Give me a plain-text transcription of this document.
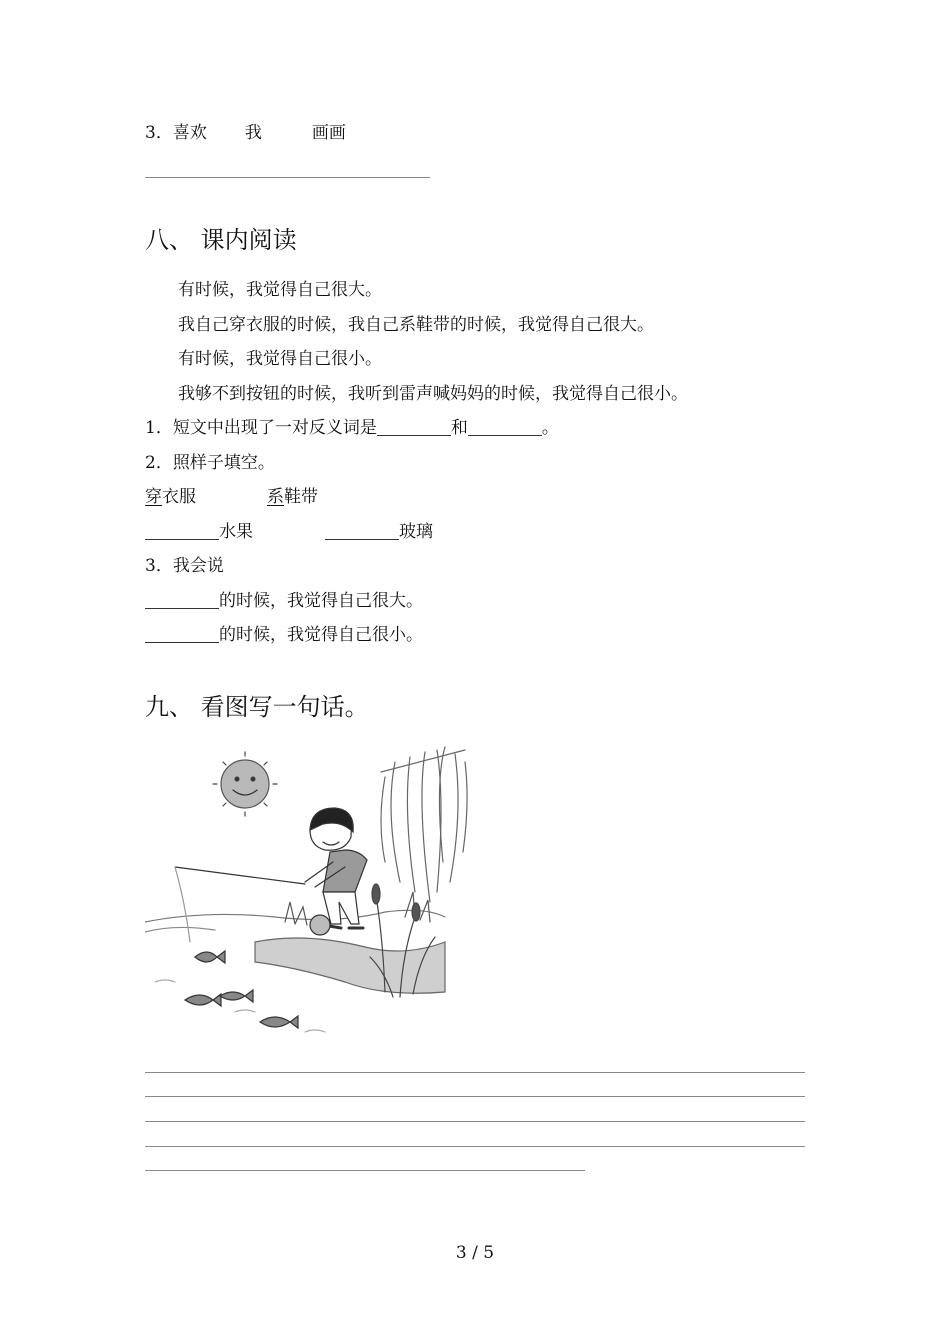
3．喜欢 我	画画
八、 课内阅读
有时候，我觉得自己很大。
我自己穿衣服的时候，我自己系鞋带的时候，我觉得自己很大。
有时候，我觉得自己很小。
我够不到按钮的时候，我听到雷声喊妈妈的时候，我觉得自己很小。
1．短文中出现了一对反义词是	和	。
2．照样子填空。
穿衣服	系鞋带
水果	玻璃
3．我会说
的时候，我觉得自己很大。
的时候，我觉得自己很小。
九、 看图写一句话。
3 / 5
